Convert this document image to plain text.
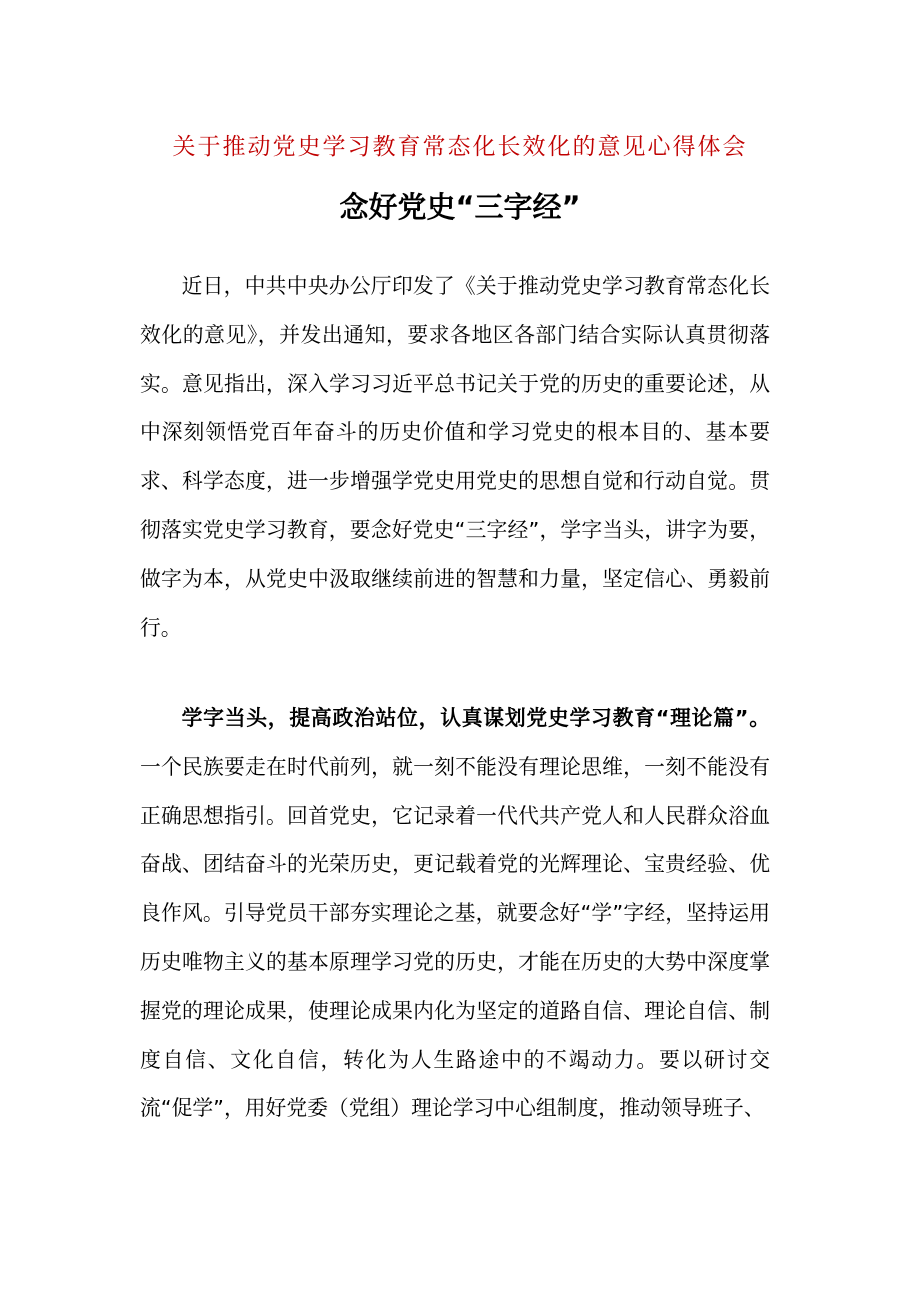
关于推动党史学习教育常态化长效化的意见心得体会
念好党史“三字经”

近日，中共中央办公厅印发了《关于推动党史学习教育常态化长效化的意见》，并发出通知，要求各地区各部门结合实际认真贯彻落实。意见指出，深入学习习近平总书记关于党的历史的重要论述，从中深刻领悟党百年奋斗的历史价值和学习党史的根本目的、基本要求、科学态度，进一步增强学党史用党史的思想自觉和行动自觉。贯彻落实党史学习教育，要念好党史“三字经”，学字当头，讲字为要，做字为本，从党史中汲取继续前进的智慧和力量，坚定信心、勇毅前行。

学字当头，提高政治站位，认真谋划党史学习教育“理论篇”。一个民族要走在时代前列，就一刻不能没有理论思维，一刻不能没有正确思想指引。回首党史，它记录着一代代共产党人和人民群众浴血奋战、团结奋斗的光荣历史，更记载着党的光辉理论、宝贵经验、优良作风。引导党员干部夯实理论之基，就要念好“学”字经，坚持运用历史唯物主义的基本原理学习党的历史，才能在历史的大势中深度掌握党的理论成果，使理论成果内化为坚定的道路自信、理论自信、制度自信、文化自信，转化为人生路途中的不竭动力。要以研讨交流“促学”，用好党委（党组）理论学习中心组制度，推动领导班子、
